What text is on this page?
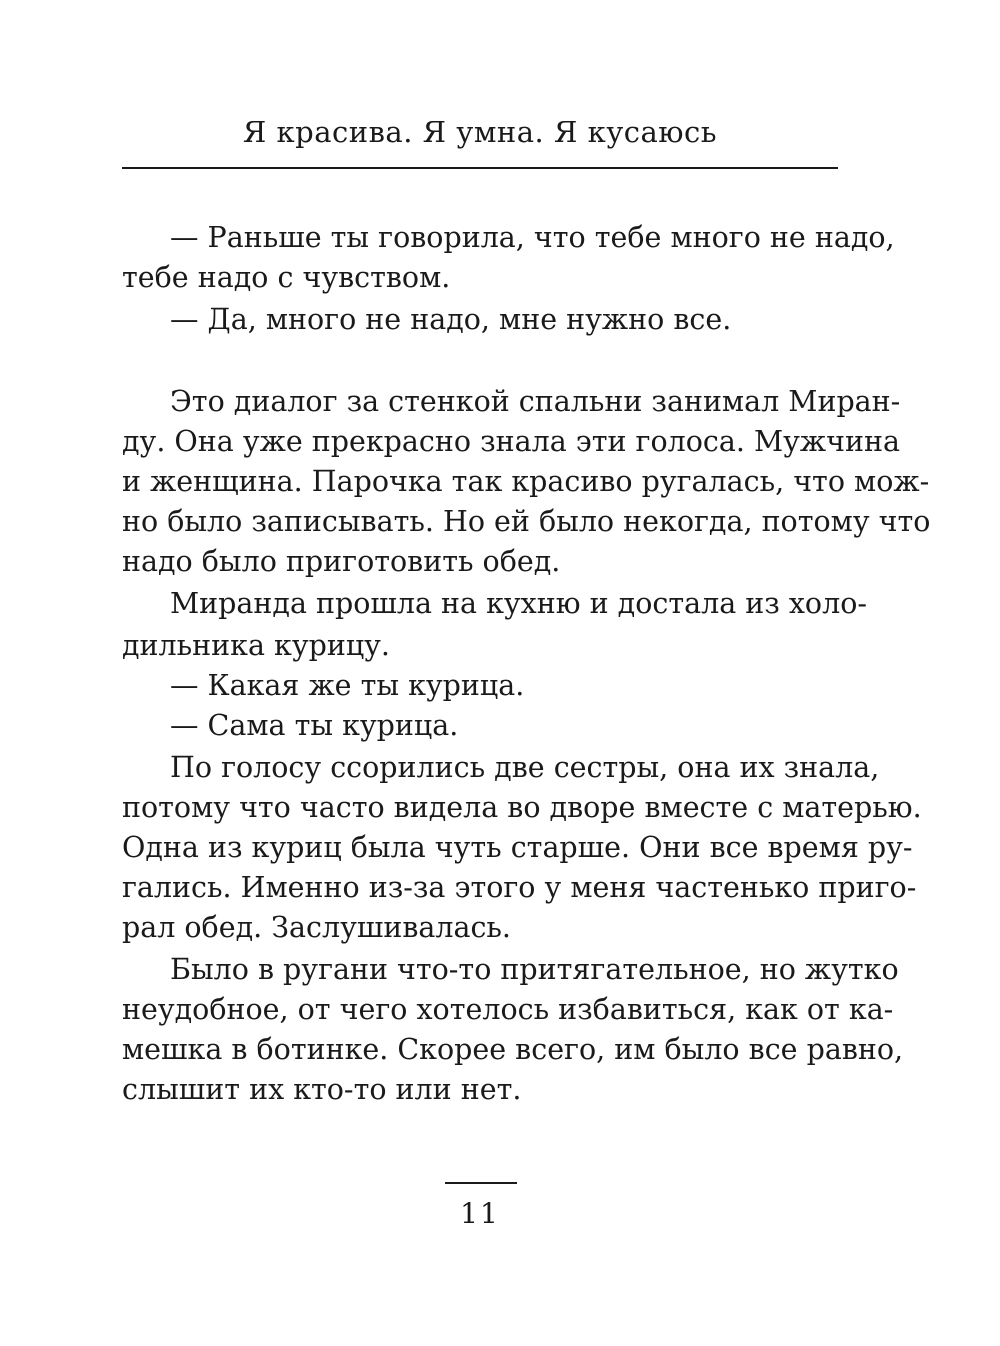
Я красива. Я умна. Я кусаюсь
— Раньше ты говорила, что тебе много не надо,
тебе надо с чувством.
— Да, много не надо, мне нужно все.
Это диалог за стенкой спальни занимал Миран-
ду. Она уже прекрасно знала эти голоса. Мужчина
и женщина. Парочка так красиво ругалась, что мож-
но было записывать. Но ей было некогда, потому что
надо было приготовить обед.
Миранда прошла на кухню и достала из холо-
дильника курицу.
— Какая же ты курица.
— Сама ты курица.
По голосу ссорились две сестры, она их знала,
потому что часто видела во дворе вместе с матерью.
Одна из куриц была чуть старше. Они все время ру-
гались. Именно из-за этого у меня частенько приго-
рал обед. Заслушивалась.
Было в ругани что-то притягательное, но жутко
неудобное, от чего хотелось избавиться, как от ка-
мешка в ботинке. Скорее всего, им было все равно,
слышит их кто-то или нет.
11
